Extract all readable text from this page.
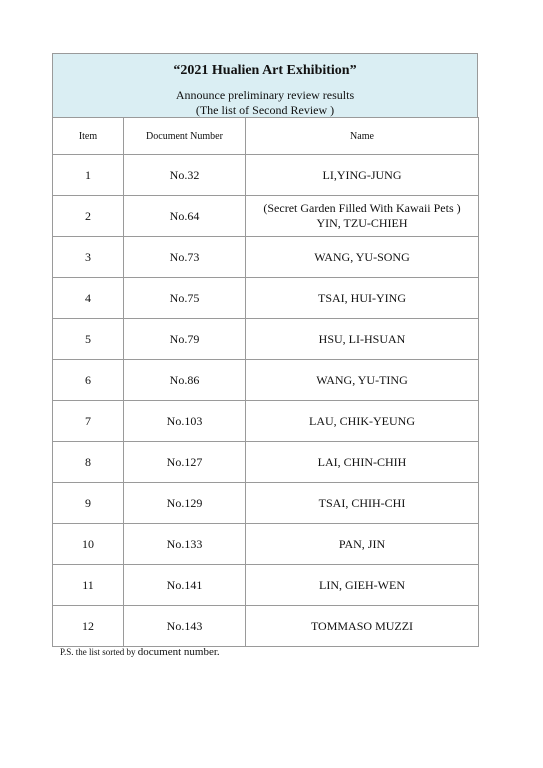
“2021 Hualien Art Exhibition”
Announce preliminary review results
(The list of Second Review )
Item	Document Number	Name
1	No.32	LI,YING-JUNG

2	No.64	(Secret Garden Filled With Kawaii Pets )
YIN, TZU-CHIEH

3	No.73	WANG, YU-SONG

4	No.75	TSAI, HUI-YING

5	No.79	HSU, LI-HSUAN

6	No.86	WANG, YU-TING

7	No.103	LAU, CHIK-YEUNG

8	No.127	LAI, CHIN-CHIH

9	No.129	TSAI, CHIH-CHI

10	No.133	PAN, JIN

11	No.141	LIN, GIEH-WEN

12	No.143	TOMMASO MUZZI
P.S. the list sorted by document number.
